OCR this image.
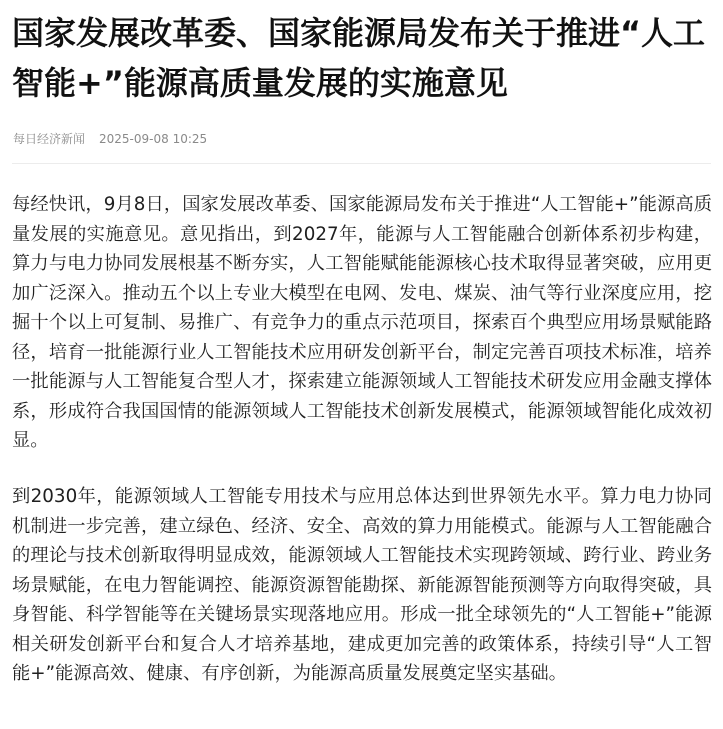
国家发展改革委、国家能源局发布关于推进“人工智能+”能源高质量发展的实施意见
每日经济新闻 2025-09-08 10:25

每经快讯，9月8日，国家发展改革委、国家能源局发布关于推进“人工智能+”能源高质量发展的实施意见。意见指出，到2027年，能源与人工智能融合创新体系初步构建，算力与电力协同发展根基不断夯实，人工智能赋能能源核心技术取得显著突破，应用更加广泛深入。推动五个以上专业大模型在电网、发电、煤炭、油气等行业深度应用，挖掘十个以上可复制、易推广、有竞争力的重点示范项目，探索百个典型应用场景赋能路径，培育一批能源行业人工智能技术应用研发创新平台，制定完善百项技术标准，培养一批能源与人工智能复合型人才，探索建立能源领域人工智能技术研发应用金融支撑体系，形成符合我国国情的能源领域人工智能技术创新发展模式，能源领域智能化成效初显。

到2030年，能源领域人工智能专用技术与应用总体达到世界领先水平。算力电力协同机制进一步完善，建立绿色、经济、安全、高效的算力用能模式。能源与人工智能融合的理论与技术创新取得明显成效，能源领域人工智能技术实现跨领域、跨行业、跨业务场景赋能，在电力智能调控、能源资源智能勘探、新能源智能预测等方向取得突破，具身智能、科学智能等在关键场景实现落地应用。形成一批全球领先的“人工智能+”能源相关研发创新平台和复合人才培养基地，建成更加完善的政策体系，持续引导“人工智能+”能源高效、健康、有序创新，为能源高质量发展奠定坚实基础。
